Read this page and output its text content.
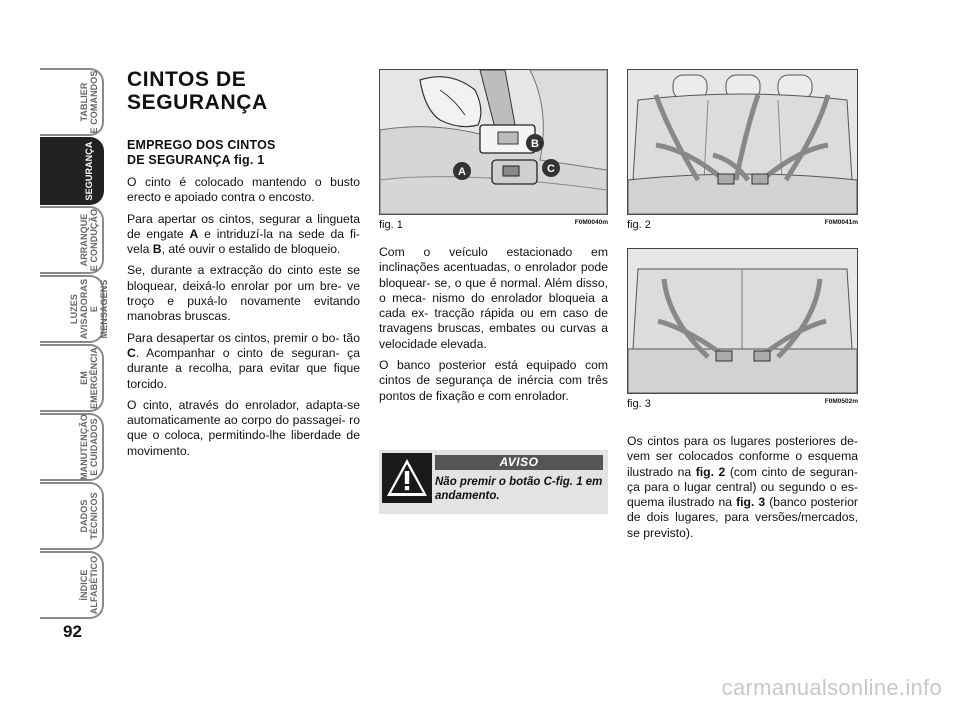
TABLIER
E COMANDOS
SEGURANÇA
ARRANQUE
E CONDUÇÃO
LUZES
AVISADORAS
E MENSAGENS
EM
EMERGÊNCIA
MANUTENÇÃO
E CUIDADOS
DADOS
TÉCNICOS
ÍNDICE
ALFABÉTICO
92
CINTOS DE
SEGURANÇA
EMPREGO DOS CINTOS
DE SEGURANÇA fig. 1

O cinto é colocado mantendo o busto erecto e apoiado contra o encosto.

Para apertar os cintos, segurar a lingueta de engate A e intriduzí-la na sede da fi- vela B, até ouvir o estalido de bloqueio.

Se, durante a extracção do cinto este se bloquear, deixá-lo enrolar por um bre- ve troço e puxá-lo novamente evitando manobras bruscas.

Para desapertar os cintos, premir o bo- tão C. Acompanhar o cinto de seguran- ça durante a recolha, para evitar que fique torcido.

O cinto, através do enrolador, adapta-se automaticamente ao corpo do passagei- ro que o coloca, permitindo-lhe liberdade de movimento.

A
B
C
fig. 1	F0M0040m

Com o veículo estacionado em inclinações acentuadas, o enrolador pode bloquear- se, o que é normal. Além disso, o meca- nismo do enrolador bloqueia a cada ex- tracção rápida ou em caso de travagens bruscas, embates ou curvas a velocidade elevada.

O banco posterior está equipado com cintos de segurança de inércia com três pontos de fixação e com enrolador.

AVISO
Não premir o botão C-fig. 1 em andamento.
fig. 2	F0M0041m
fig. 3	F0M0502m

Os cintos para os lugares posteriores de- vem ser colocados conforme o esquema ilustrado na fig. 2 (com cinto de seguran- ça para o lugar central) ou segundo o es- quema ilustrado na fig. 3 (banco posterior de dois lugares, para versões/mercados, se previsto).

carmanualsonline.info
